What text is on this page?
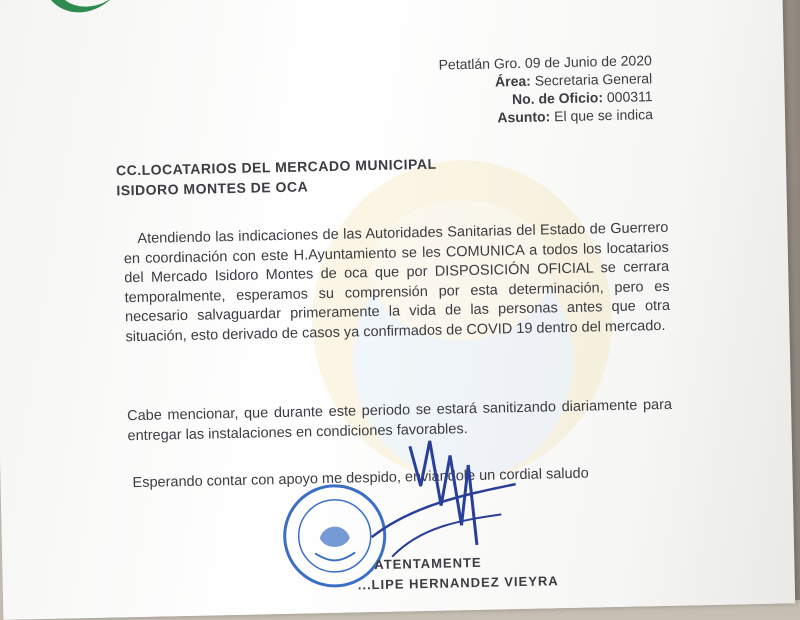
Petatlán Gro. 09 de Junio de 2020
Área: Secretaria General
No. de Oficio: 000311
Asunto: El que se indica
CC.LOCATARIOS DEL MERCADO MUNICIPAL
ISIDORO MONTES DE OCA
Atendiendo las indicaciones de las Autoridades Sanitarias del Estado de Guerrero en coordinación con este H.Ayuntamiento se les COMUNICA a todos los locatarios del Mercado Isidoro Montes de oca que por DISPOSICIÓN OFICIAL se cerrara temporalmente, esperamos su comprensión por esta determinación, pero es necesario salvaguardar primeramente la vida de las personas antes que otra situación, esto derivado de casos ya confirmados de COVID 19 dentro del mercado.
Cabe mencionar, que durante este periodo se estará sanitizando diariamente para entregar las instalaciones en condiciones favorables.
Esperando contar con apoyo me despido, enviándole un cordial saludo
ATENTAMENTE
...LIPE HERNANDEZ VIEYRA
